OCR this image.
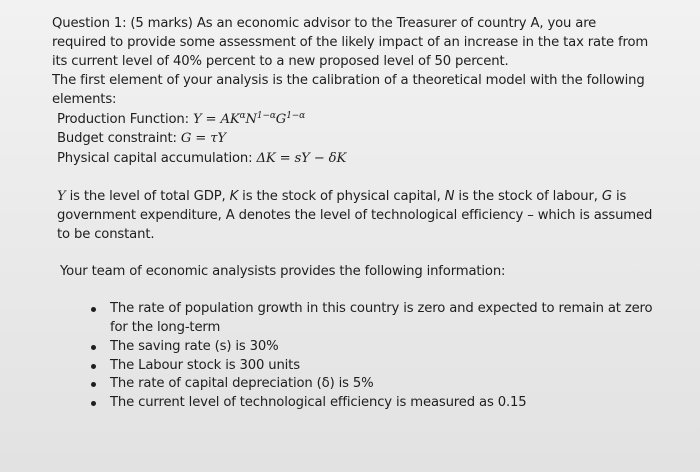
Question 1: (5 marks) As an economic advisor to the Treasurer of country A, you are
required to provide some assessment of the likely impact of an increase in the tax rate from
its current level of 40% percent to a new proposed level of 50 percent.
The first element of your analysis is the calibration of a theoretical model with the following
elements:
Production Function: $Y = AK^\alpha N^{1-\alpha}G^{1-\alpha}$
Budget constraint: G = τY
Physical capital accumulation: ΔK = sY − δK
Y is the level of total GDP, K is the stock of physical capital, N is the stock of labour, G is
government expenditure, A denotes the level of technological efficiency – which is assumed
to be constant.
Your team of economic analysists provides the following information:
The rate of population growth in this country is zero and expected to remain at zero
for the long-term
The saving rate (s) is 30%
The Labour stock is 300 units
The rate of capital depreciation (δ) is 5%
The current level of technological efficiency is measured as 0.15
